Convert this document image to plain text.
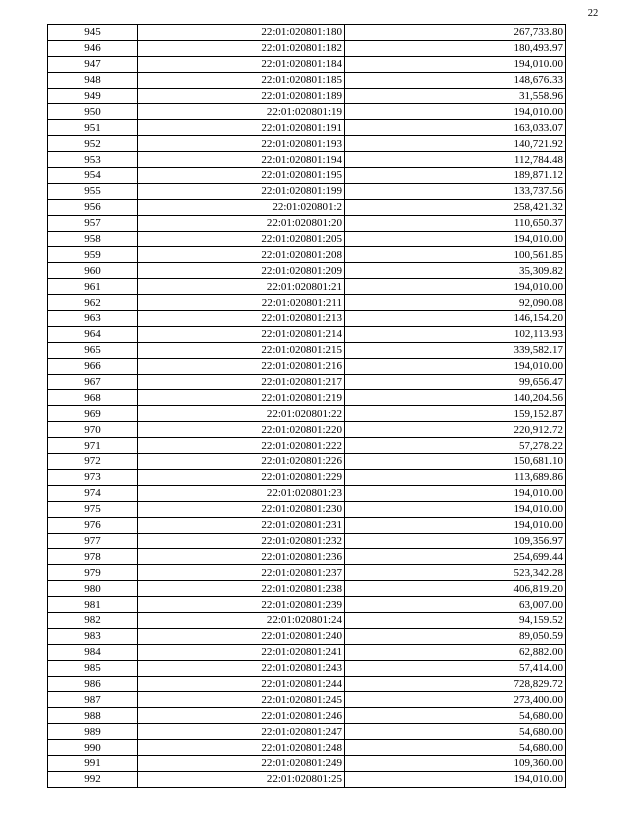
22
945	22:01:020801:180	267,733.80
946	22:01:020801:182	180,493.97
947	22:01:020801:184	194,010.00
948	22:01:020801:185	148,676.33
949	22:01:020801:189	31,558.96
950	22:01:020801:19	194,010.00
951	22:01:020801:191	163,033.07
952	22:01:020801:193	140,721.92
953	22:01:020801:194	112,784.48
954	22:01:020801:195	189,871.12
955	22:01:020801:199	133,737.56
956	22:01:020801:2	258,421.32
957	22:01:020801:20	110,650.37
958	22:01:020801:205	194,010.00
959	22:01:020801:208	100,561.85
960	22:01:020801:209	35,309.82
961	22:01:020801:21	194,010.00
962	22:01:020801:211	92,090.08
963	22:01:020801:213	146,154.20
964	22:01:020801:214	102,113.93
965	22:01:020801:215	339,582.17
966	22:01:020801:216	194,010.00
967	22:01:020801:217	99,656.47
968	22:01:020801:219	140,204.56
969	22:01:020801:22	159,152.87
970	22:01:020801:220	220,912.72
971	22:01:020801:222	57,278.22
972	22:01:020801:226	150,681.10
973	22:01:020801:229	113,689.86
974	22:01:020801:23	194,010.00
975	22:01:020801:230	194,010.00
976	22:01:020801:231	194,010.00
977	22:01:020801:232	109,356.97
978	22:01:020801:236	254,699.44
979	22:01:020801:237	523,342.28
980	22:01:020801:238	406,819.20
981	22:01:020801:239	63,007.00
982	22:01:020801:24	94,159.52
983	22:01:020801:240	89,050.59
984	22:01:020801:241	62,882.00
985	22:01:020801:243	57,414.00
986	22:01:020801:244	728,829.72
987	22:01:020801:245	273,400.00
988	22:01:020801:246	54,680.00
989	22:01:020801:247	54,680.00
990	22:01:020801:248	54,680.00
991	22:01:020801:249	109,360.00
992	22:01:020801:25	194,010.00
